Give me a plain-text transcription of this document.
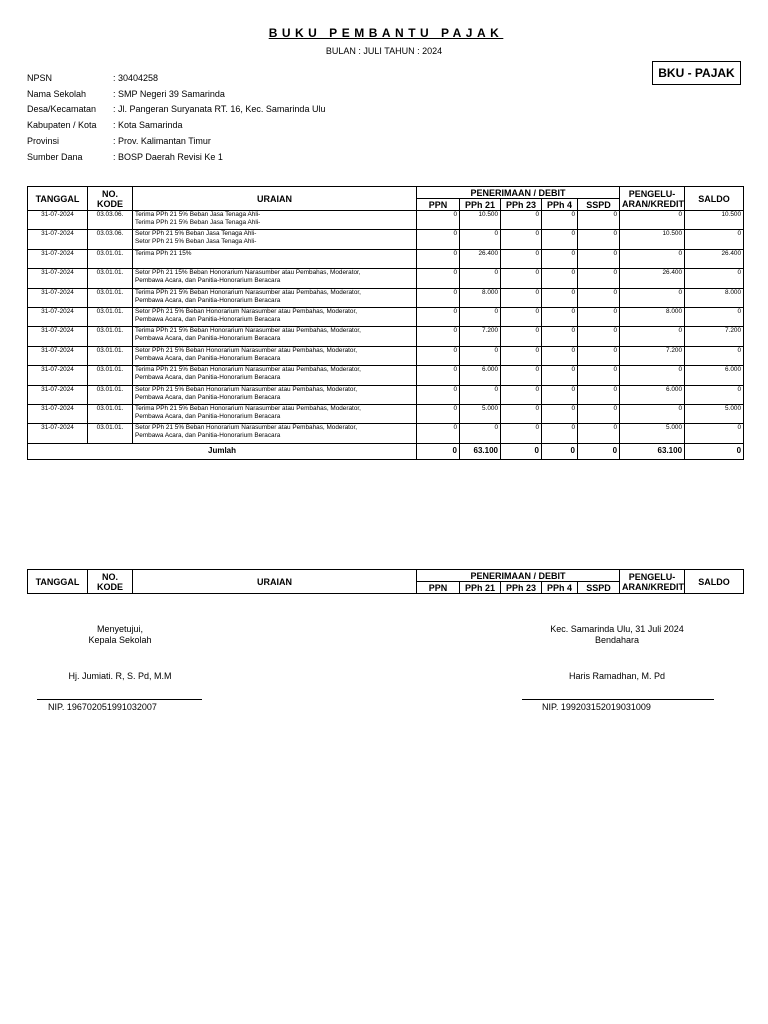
BUKU PEMBANTU PAJAK
BULAN : JULI TAHUN : 2024
BKU - PAJAK
NPSN	: 30404258
Nama Sekolah	: SMP Negeri 39 Samarinda
Desa/Kecamatan	: Jl. Pangeran Suryanata RT. 16, Kec. Samarinda Ulu
Kabupaten / Kota	: Kota Samarinda
Provinsi	: Prov. Kalimantan Timur
Sumber Dana	: BOSP Daerah Revisi Ke 1
TANGGAL	NO. KODE	URAIAN	PENERIMAAN / DEBIT					PENGELU-
ARAN/KREDIT	SALDO
			PPN	PPh 21	PPh 23	PPh 4	SSPD		
31-07-2024	03.03.06.	Terima PPh 21 5% Beban Jasa Tenaga Ahli-
Terima PPh 21 5% Beban Jasa Tenaga Ahli-	0	10.500	0	0	0	0	10.500
31-07-2024	03.03.06.	Setor PPh 21 5% Beban Jasa Tenaga Ahli-
Setor PPh 21 5% Beban Jasa Tenaga Ahli-	0	0	0	0	0	10.500	0
31-07-2024	03.01.01.	Terima PPh 21 15%	0	26.400	0	0	0	0	26.400
31-07-2024	03.01.01.	Setor PPh 21 15% Beban Honorarium Narasumber atau Pembahas, Moderator,
Pembawa Acara, dan Panitia-Honorarium Beracara	0	0	0	0	0	26.400	0
31-07-2024	03.01.01.	Terima PPh 21 5% Beban Honorarium Narasumber atau Pembahas, Moderator,
Pembawa Acara, dan Panitia-Honorarium Beracara	0	8.000	0	0	0	0	8.000
31-07-2024	03.01.01.	Setor PPh 21 5% Beban Honorarium Narasumber atau Pembahas, Moderator,
Pembawa Acara, dan Panitia-Honorarium Beracara	0	0	0	0	0	8.000	0
31-07-2024	03.01.01.	Terima PPh 21 5% Beban Honorarium Narasumber atau Pembahas, Moderator,
Pembawa Acara, dan Panitia-Honorarium Beracara	0	7.200	0	0	0	0	7.200
31-07-2024	03.01.01.	Setor PPh 21 5% Beban Honorarium Narasumber atau Pembahas, Moderator,
Pembawa Acara, dan Panitia-Honorarium Beracara	0	0	0	0	0	7.200	0
31-07-2024	03.01.01.	Terima PPh 21 5% Beban Honorarium Narasumber atau Pembahas, Moderator,
Pembawa Acara, dan Panitia-Honorarium Beracara	0	6.000	0	0	0	0	6.000
31-07-2024	03.01.01.	Setor PPh 21 5% Beban Honorarium Narasumber atau Pembahas, Moderator,
Pembawa Acara, dan Panitia-Honorarium Beracara	0	0	0	0	0	6.000	0
31-07-2024	03.01.01.	Terima PPh 21 5% Beban Honorarium Narasumber atau Pembahas, Moderator,
Pembawa Acara, dan Panitia-Honorarium Beracara	0	5.000	0	0	0	0	5.000
31-07-2024	03.01.01.	Setor PPh 21 5% Beban Honorarium Narasumber atau Pembahas, Moderator,
Pembawa Acara, dan Panitia-Honorarium Beracara	0	0	0	0	0	5.000	0
Jumlah			0	63.100	0	0	0	63.100	0
TANGGAL	NO. KODE	URAIAN	PENERIMAAN / DEBIT					PENGELU-
ARAN/KREDIT	SALDO
			PPN	PPh 21	PPh 23	PPh 4	SSPD		
Menyetujui,
Kepala Sekolah
Kec. Samarinda Ulu, 31 Juli 2024
Bendahara
Hj. Jumiati. R, S. Pd, M.M	Haris Ramadhan, M. Pd
NIP. 196702051991032007	NIP. 199203152019031009
